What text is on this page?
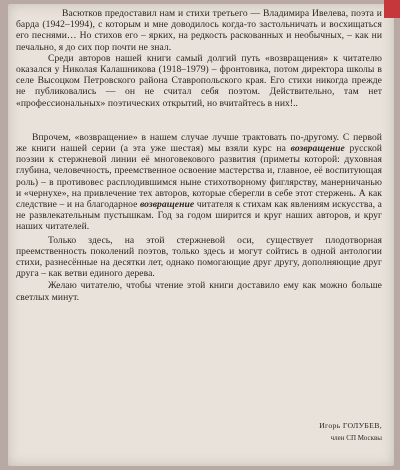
Васютков предоставил нам и стихи третьего — Владимира Ивелева, поэта и барда (1942–1994), с которым и мне доводилось когда-то застольничать и восхищаться его песнями… Но стихов его – ярких, на редкость раскованных и необычных, – как ни печально, я до сих пор почти не знал.

Среди авторов нашей книги самый долгий путь «возвращения» к читателю оказался у Николая Калашникова (1918–1979) – фронтовика, потом директора школы в селе Высоцком Петровского района Ставропольского края. Его стихи никогда прежде не публиковались — он не считал себя поэтом. Действительно, там нет «профессиональных» поэтических открытий, но вчитайтесь в них!..

Впрочем, «возвращение» в нашем случае лучше трактовать по-другому. С первой же книги нашей серии (а эта уже шестая) мы взяли курс на возвращение русской поэзии к стержневой линии её многовекового развития (приметы которой: духовная глубина, человечность, преемственное освоение мастерства и, главное, её воспитующая роль) – в противовес расплодившимся ныне стихотворному фиглярству, манерничанью и «чернухе», на привлечение тех авторов, которые сберегли в себе этот стержень. А как следствие – и на благодарное возвращение читателя к стихам как явлениям искусства, а не развлекательным пустышкам. Год за годом ширится и круг наших авторов, и круг наших читателей.

Только здесь, на этой стержневой оси, существует плодотворная преемственность поколений поэтов, только здесь и могут сойтись в одной антологии стихи, разнесённые на десятки лет, однако помогающие друг другу, дополняющие друг друга – как ветви единого дерева.

Желаю читателю, чтобы чтение этой книги доставило ему как можно больше светлых минут.

Игорь ГОЛУБЕВ,
член СП Москвы
